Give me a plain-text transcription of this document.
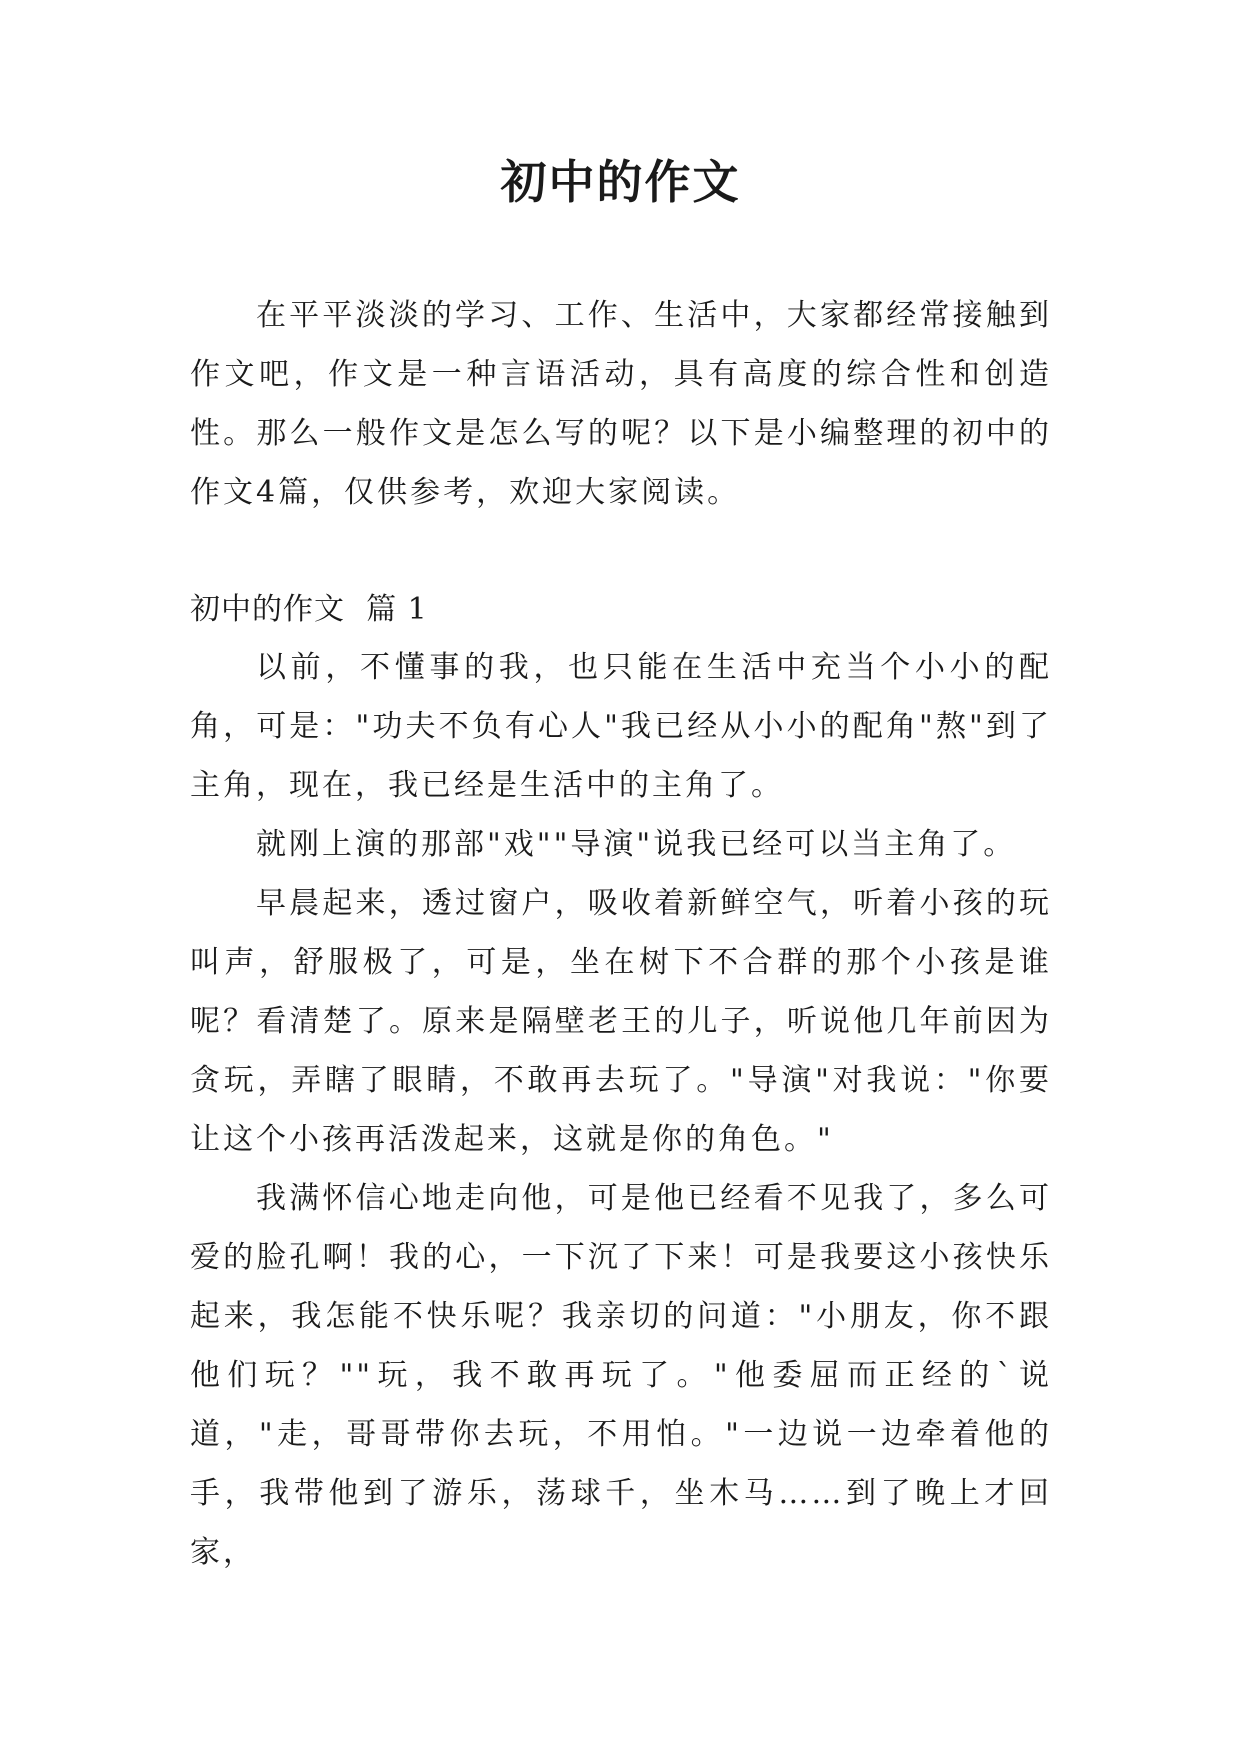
初中的作文

在平平淡淡的学习、工作、生活中，大家都经常接触到作文吧，作文是一种言语活动，具有高度的综合性和创造性。那么一般作文是怎么写的呢？以下是小编整理的初中的作文4篇，仅供参考，欢迎大家阅读。

初中的作文  篇 1

以前，不懂事的我，也只能在生活中充当个小小的配角，可是："功夫不负有心人"我已经从小小的配角"熬"到了主角，现在，我已经是生活中的主角了。

就刚上演的那部"戏""导演"说我已经可以当主角了。

早晨起来，透过窗户，吸收着新鲜空气，听着小孩的玩叫声，舒服极了，可是，坐在树下不合群的那个小孩是谁呢？看清楚了。原来是隔壁老王的儿子，听说他几年前因为贪玩，弄瞎了眼睛，不敢再去玩了。"导演"对我说："你要让这个小孩再活泼起来，这就是你的角色。"

我满怀信心地走向他，可是他已经看不见我了，多么可爱的脸孔啊！我的心，一下沉了下来！可是我要这小孩快乐起来，我怎能不快乐呢？我亲切的问道："小朋友，你不跟他们玩？""玩，我不敢再玩了。"他委屈而正经的`说道，"走，哥哥带你去玩，不用怕。"一边说一边牵着他的手，我带他到了游乐，荡球千，坐木马……到了晚上才回家，
